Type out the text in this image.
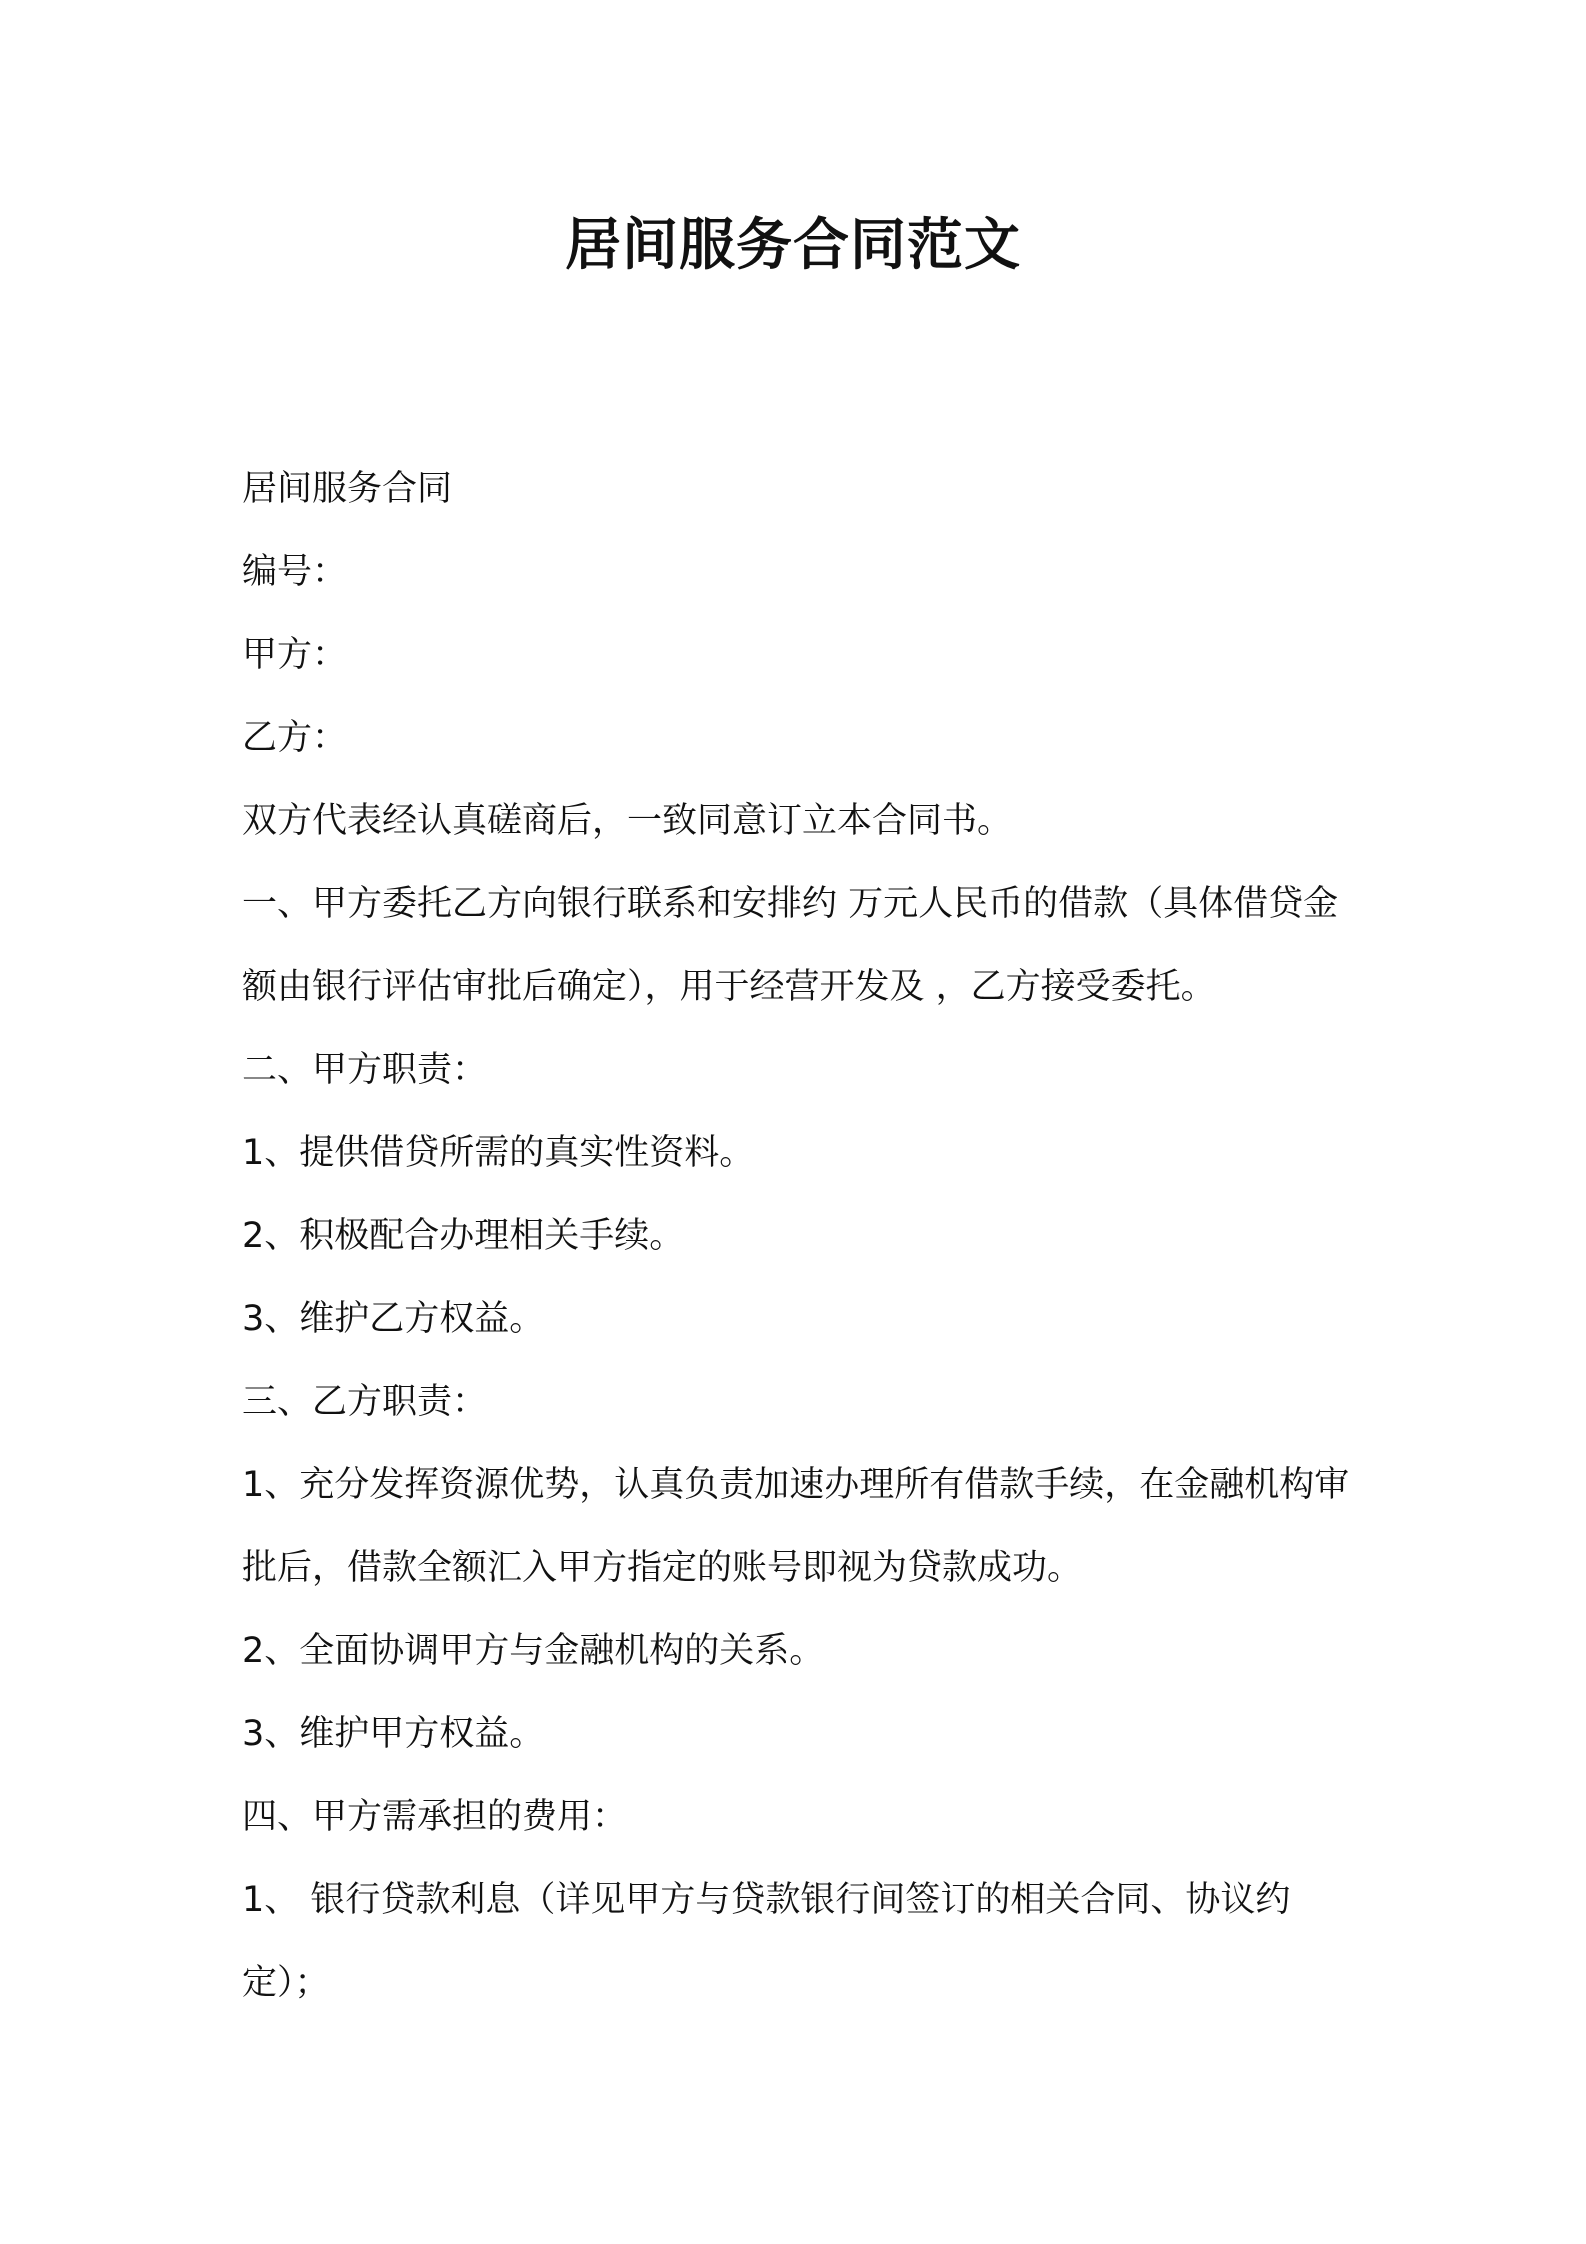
居间服务合同范文

居间服务合同

编号：

甲方：

乙方：

双方代表经认真磋商后，一致同意订立本合同书。

一、甲方委托乙方向银行联系和安排约 万元人民币的借款（具体借贷金额由银行评估审批后确定），用于经营开发及 ，乙方接受委托。

二、甲方职责：

1、提供借贷所需的真实性资料。

2、积极配合办理相关手续。

3、维护乙方权益。

三、乙方职责：

1、充分发挥资源优势，认真负责加速办理所有借款手续，在金融机构审批后，借款全额汇入甲方指定的账号即视为贷款成功。

2、全面协调甲方与金融机构的关系。

3、维护甲方权益。

四、甲方需承担的费用：

1、 银行贷款利息（详见甲方与贷款银行间签订的相关合同、协议约定）；
